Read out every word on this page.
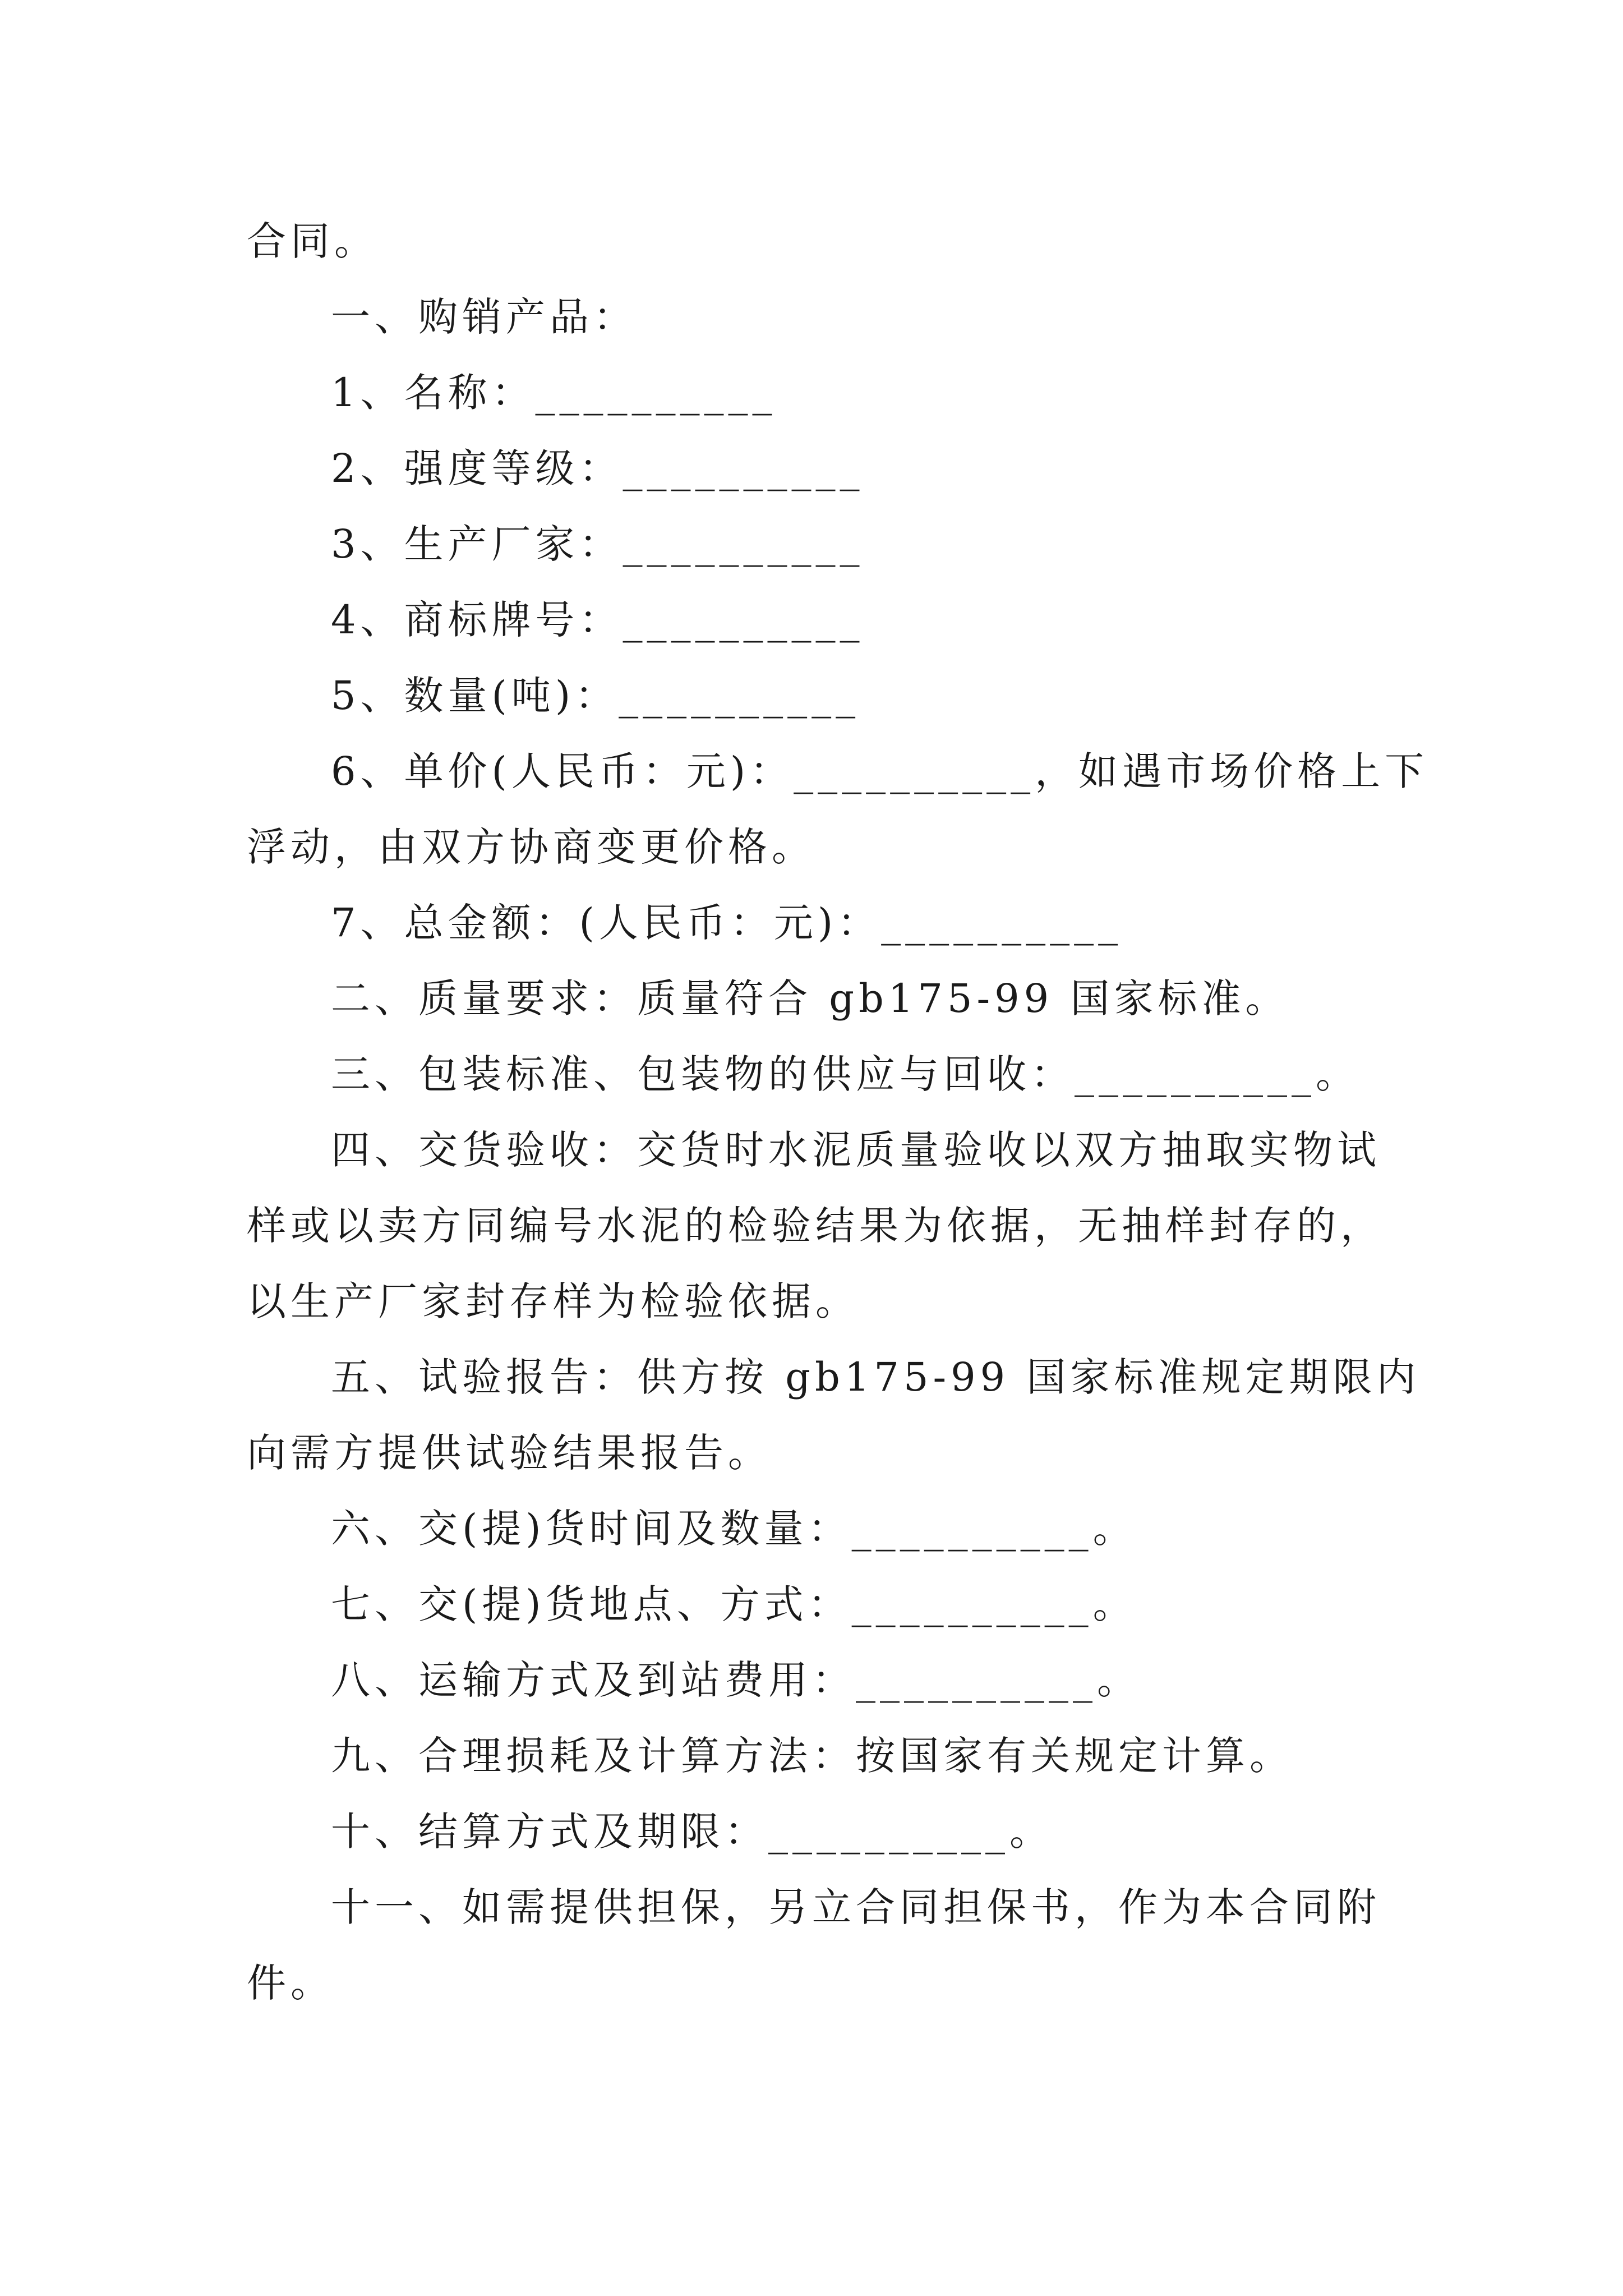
合同。
一、购销产品：
1、名称：__________
2、强度等级：__________
3、生产厂家：__________
4、商标牌号：__________
5、数量(吨)：__________
6、单价(人民币：元)：__________，如遇市场价格上下
浮动，由双方协商变更价格。
7、总金额：(人民币：元)：__________
二、质量要求：质量符合 gb175-99 国家标准。
三、包装标准、包装物的供应与回收：__________。
四、交货验收：交货时水泥质量验收以双方抽取实物试
样或以卖方同编号水泥的检验结果为依据，无抽样封存的，
以生产厂家封存样为检验依据。
五、试验报告：供方按 gb175-99 国家标准规定期限内
向需方提供试验结果报告。
六、交(提)货时间及数量：__________。
七、交(提)货地点、方式：__________。
八、运输方式及到站费用：__________。
九、合理损耗及计算方法：按国家有关规定计算。
十、结算方式及期限：__________。
十一、如需提供担保，另立合同担保书，作为本合同附
件。
